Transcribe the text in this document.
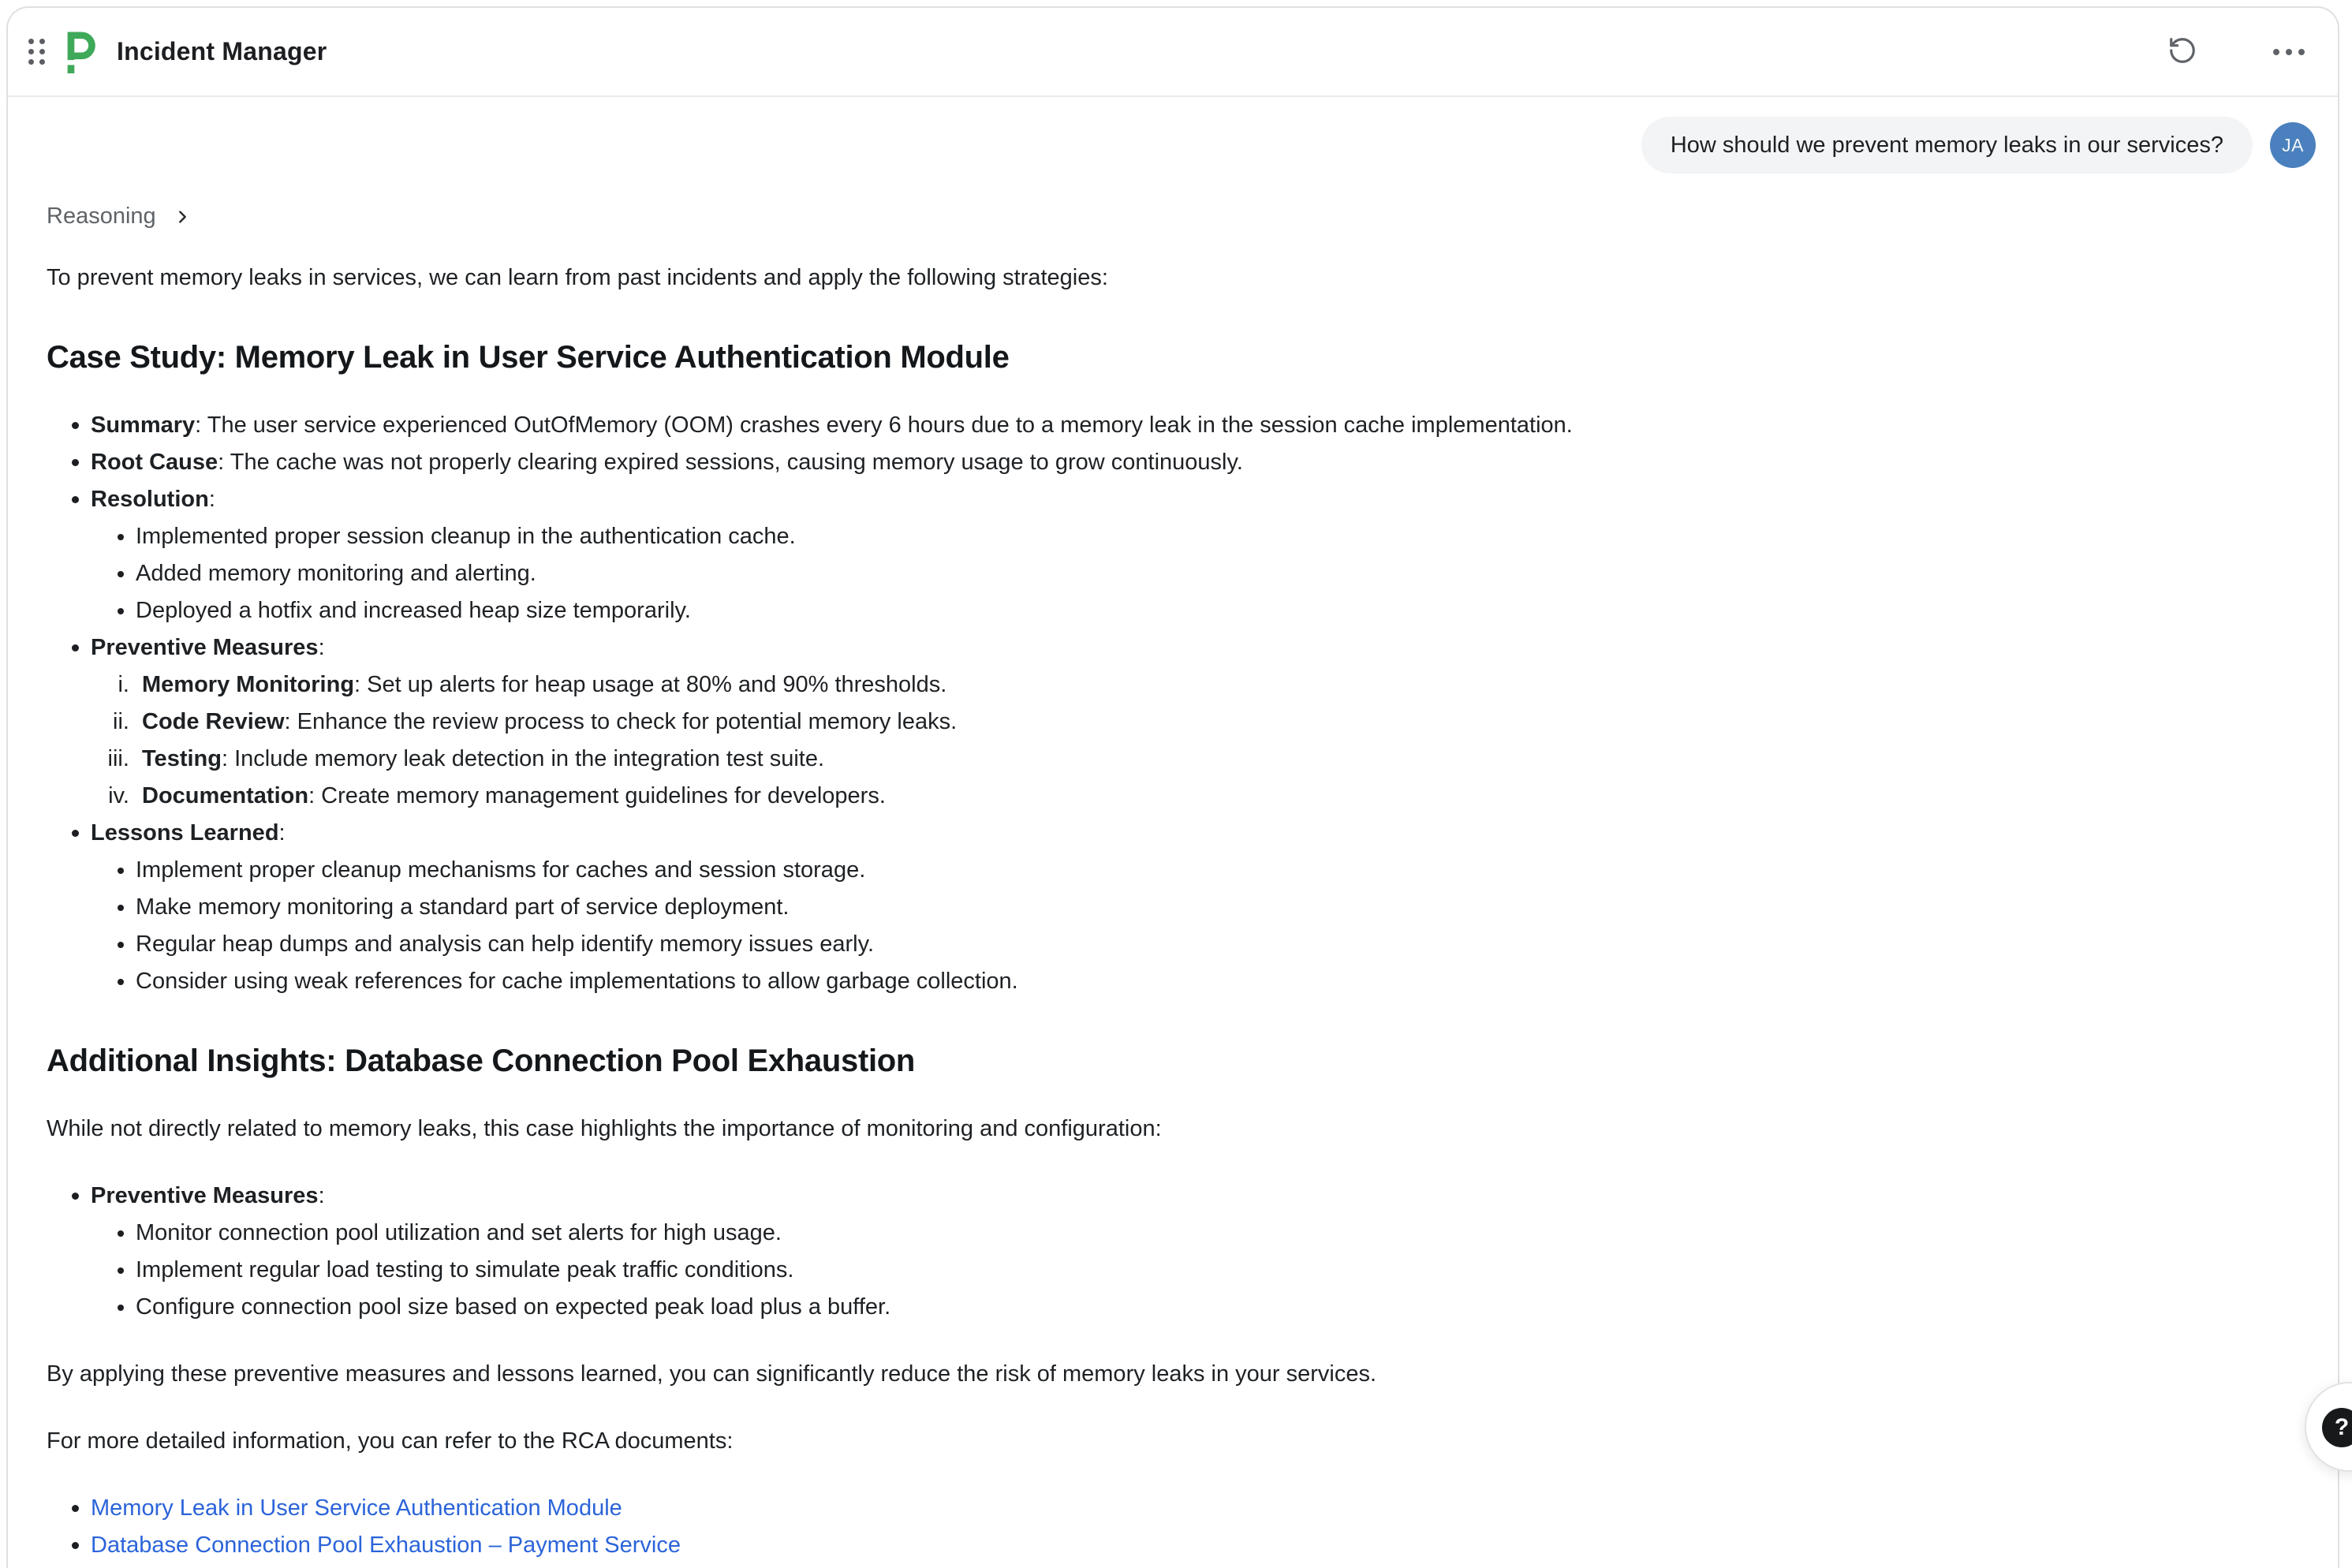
Incident Manager
How should we prevent memory leaks in our services?	JA
Reasoning

To prevent memory leaks in services, we can learn from past incidents and apply the following strategies:

Case Study: Memory Leak in User Service Authentication Module
Summary: The user service experienced OutOfMemory (OOM) crashes every 6 hours due to a memory leak in the session cache implementation.
Root Cause: The cache was not properly clearing expired sessions, causing memory usage to grow continuously.
Resolution:
Implemented proper session cleanup in the authentication cache.
Added memory monitoring and alerting.
Deployed a hotfix and increased heap size temporarily.
Preventive Measures:
i. Memory Monitoring: Set up alerts for heap usage at 80% and 90% thresholds.
ii. Code Review: Enhance the review process to check for potential memory leaks.
iii. Testing: Include memory leak detection in the integration test suite.
iv. Documentation: Create memory management guidelines for developers.
Lessons Learned:
Implement proper cleanup mechanisms for caches and session storage.
Make memory monitoring a standard part of service deployment.
Regular heap dumps and analysis can help identify memory issues early.
Consider using weak references for cache implementations to allow garbage collection.
Additional Insights: Database Connection Pool Exhaustion

While not directly related to memory leaks, this case highlights the importance of monitoring and configuration:

Preventive Measures:
Monitor connection pool utilization and set alerts for high usage.
Implement regular load testing to simulate peak traffic conditions.
Configure connection pool size based on expected peak load plus a buffer.

By applying these preventive measures and lessons learned, you can significantly reduce the risk of memory leaks in your services.

For more detailed information, you can refer to the RCA documents:

Memory Leak in User Service Authentication Module
Database Connection Pool Exhaustion – Payment Service
?
